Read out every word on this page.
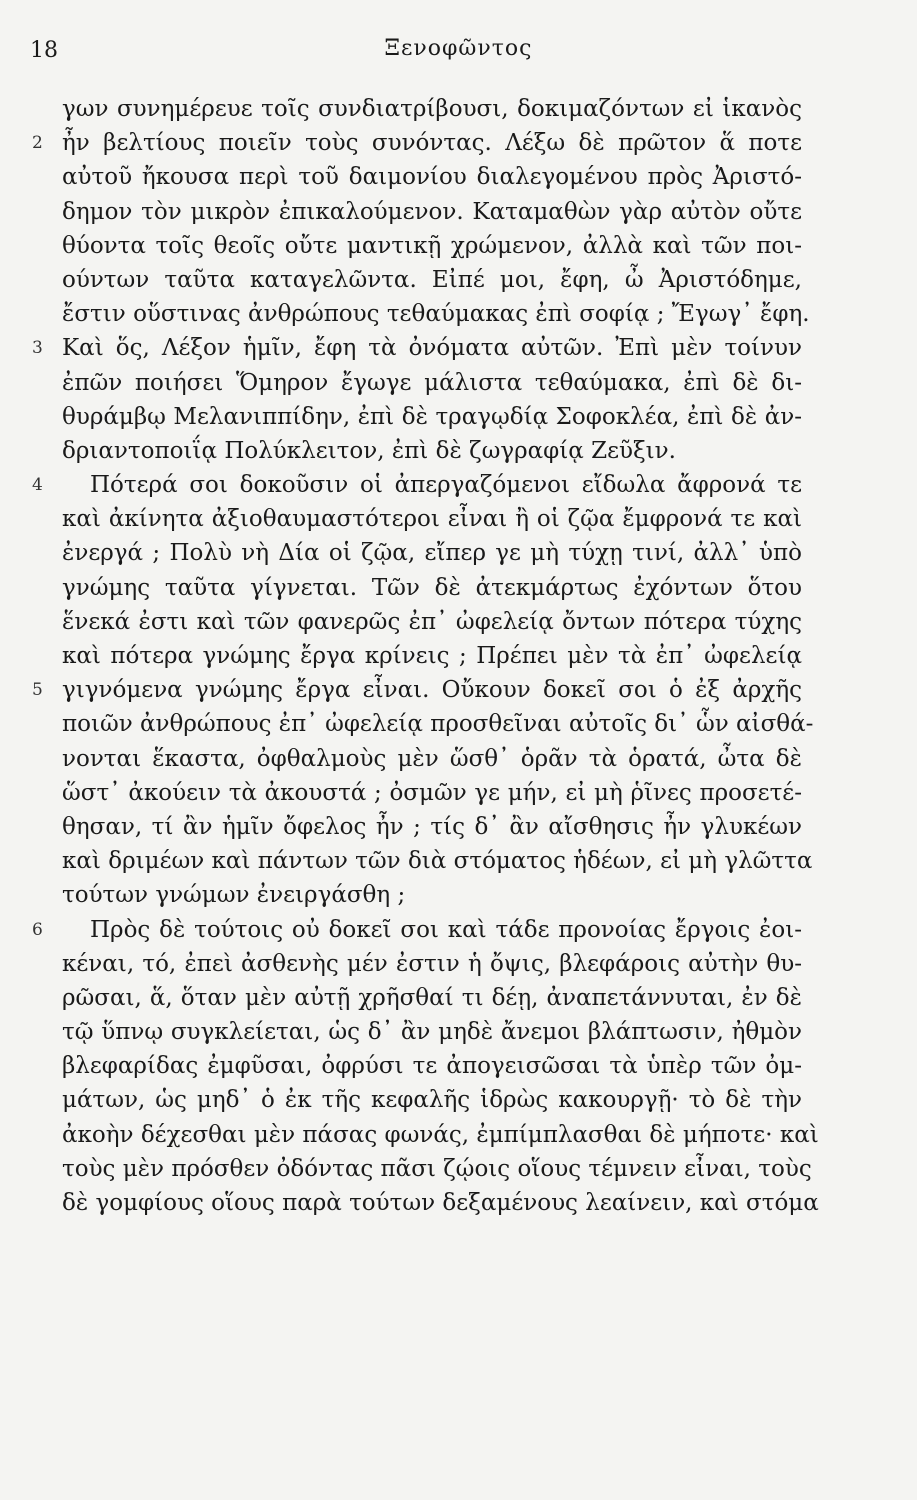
18	Ξενοφῶντος
γων συνημέρευε τοῖς συνδιατρίβουσι, δοκιμαζόντων εἰ ἱκανὸς
2 ἦν βελτίους ποιεῖν τοὺς συνόντας. Λέξω δὲ πρῶτον ἅ ποτε
αὐτοῦ ἤκουσα περὶ τοῦ δαιμονίου διαλεγομένου πρὸς Ἀριστό-
δημον τὸν μικρὸν ἐπικαλούμενον. Καταμαθὼν γὰρ αὐτὸν οὔτε
θύοντα τοῖς θεοῖς οὔτε μαντικῇ χρώμενον, ἀλλὰ καὶ τῶν ποι-
ούντων ταῦτα καταγελῶντα. Εἰπέ μοι, ἔφη, ὦ Ἀριστόδημε,
ἔστιν οὕστινας ἀνθρώπους τεθαύμακας ἐπὶ σοφίᾳ ; Ἔγωγ᾽ ἔφη.
3 Καὶ ὅς, Λέξον ἡμῖν, ἔφη τὰ ὀνόματα αὐτῶν. Ἐπὶ μὲν τοίνυν
ἐπῶν ποιήσει Ὅμηρον ἔγωγε μάλιστα τεθαύμακα, ἐπὶ δὲ δι-
θυράμβῳ Μελανιππίδην, ἐπὶ δὲ τραγῳδίᾳ Σοφοκλέα, ἐπὶ δὲ ἀν-
δριαντοποιΐᾳ Πολύκλειτον, ἐπὶ δὲ ζωγραφίᾳ Ζεῦξιν.
4 Πότερά σοι δοκοῦσιν οἱ ἀπεργαζόμενοι εἴδωλα ἄφρονά τε
καὶ ἀκίνητα ἀξιοθαυμαστότεροι εἶναι ἢ οἱ ζῷα ἔμφρονά τε καὶ
ἐνεργά ; Πολὺ νὴ Δία οἱ ζῷα, εἴπερ γε μὴ τύχῃ τινί, ἀλλ᾽ ὑπὸ
γνώμης ταῦτα γίγνεται. Τῶν δὲ ἀτεκμάρτως ἐχόντων ὅτου
ἕνεκά ἐστι καὶ τῶν φανερῶς ἐπ᾽ ὠφελείᾳ ὄντων πότερα τύχης
καὶ πότερα γνώμης ἔργα κρίνεις ; Πρέπει μὲν τὰ ἐπ᾽ ὠφελείᾳ
5 γιγνόμενα γνώμης ἔργα εἶναι. Οὔκουν δοκεῖ σοι ὁ ἐξ ἀρχῆς
ποιῶν ἀνθρώπους ἐπ᾽ ὠφελείᾳ προσθεῖναι αὐτοῖς δι᾽ ὧν αἰσθά-
νονται ἕκαστα, ὀφθαλμοὺς μὲν ὥσθ᾽ ὁρᾶν τὰ ὁρατά, ὦτα δὲ
ὥστ᾽ ἀκούειν τὰ ἀκουστά ; ὀσμῶν γε μήν, εἰ μὴ ῥῖνες προσετέ-
θησαν, τί ἂν ἡμῖν ὄφελος ἦν ; τίς δ᾽ ἂν αἴσθησις ἦν γλυκέων
καὶ δριμέων καὶ πάντων τῶν διὰ στόματος ἡδέων, εἰ μὴ γλῶττα
τούτων γνώμων ἐνειργάσθη ;
6 Πρὸς δὲ τούτοις οὐ δοκεῖ σοι καὶ τάδε προνοίας ἔργοις ἐοι-
κέναι, τό, ἐπεὶ ἀσθενὴς μέν ἐστιν ἡ ὄψις, βλεφάροις αὐτὴν θυ-
ρῶσαι, ἅ, ὅταν μὲν αὐτῇ χρῆσθαί τι δέῃ, ἀναπετάννυται, ἐν δὲ
τῷ ὕπνῳ συγκλείεται, ὡς δ᾽ ἂν μηδὲ ἄνεμοι βλάπτωσιν, ἠθμὸν
βλεφαρίδας ἐμφῦσαι, ὀφρύσι τε ἀπογεισῶσαι τὰ ὑπὲρ τῶν ὀμ-
μάτων, ὡς μηδ᾽ ὁ ἐκ τῆς κεφαλῆς ἱδρὼς κακουργῇ· τὸ δὲ τὴν
ἀκοὴν δέχεσθαι μὲν πάσας φωνάς, ἐμπίμπλασθαι δὲ μήποτε· καὶ
τοὺς μὲν πρόσθεν ὀδόντας πᾶσι ζῴοις οἵους τέμνειν εἶναι, τοὺς
δὲ γομφίους οἵους παρὰ τούτων δεξαμένους λεαίνειν, καὶ στόμα
